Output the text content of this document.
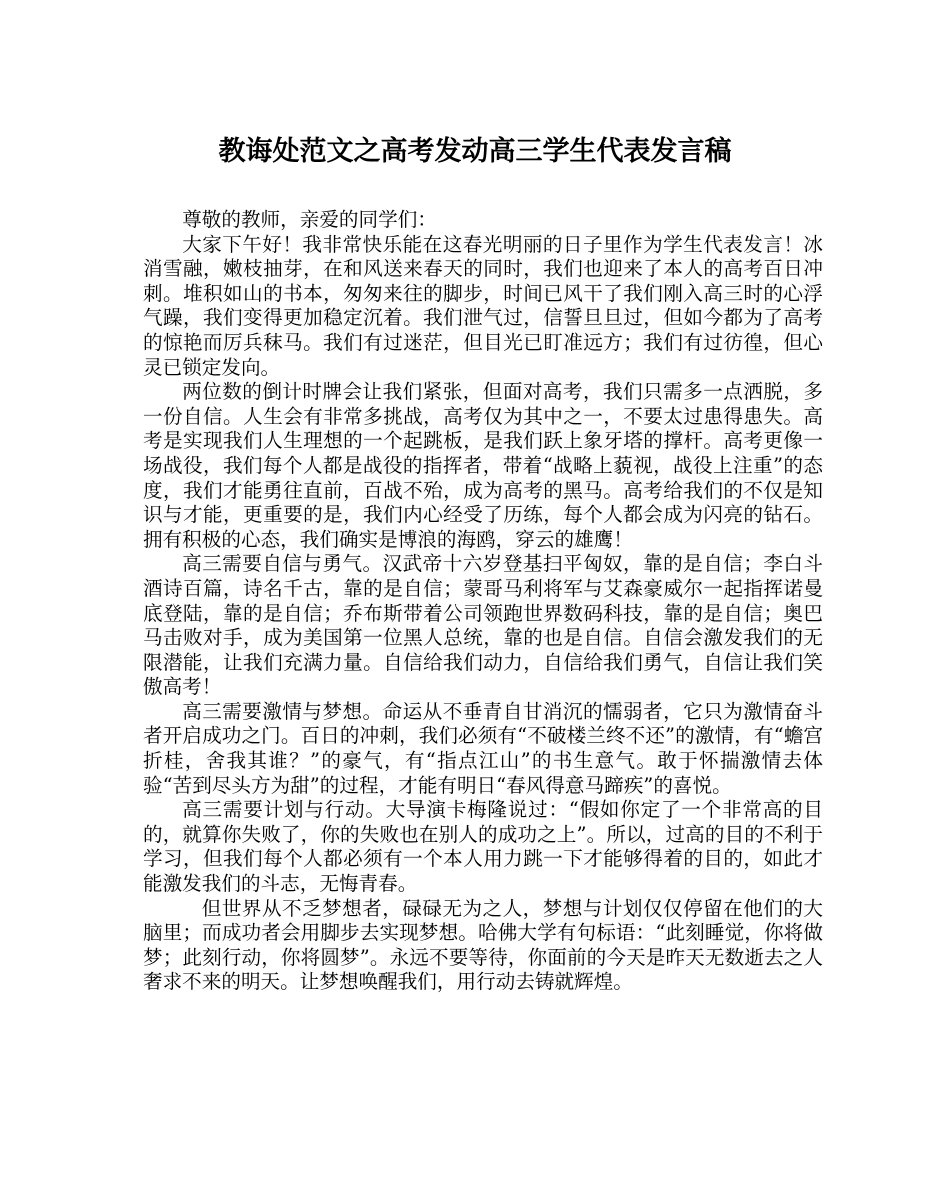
教诲处范文之高考发动高三学生代表发言稿

尊敬的教师，亲爱的同学们：

大家下午好！我非常快乐能在这春光明丽的日子里作为学生代表发言！冰消雪融，嫩枝抽芽，在和风送来春天的同时，我们也迎来了本人的高考百日冲刺。堆积如山的书本，匆匆来往的脚步，时间已风干了我们刚入高三时的心浮气躁，我们变得更加稳定沉着。我们泄气过，信誓旦旦过，但如今都为了高考的惊艳而厉兵秣马。我们有过迷茫，但目光已盯准远方；我们有过彷徨，但心灵已锁定发向。

两位数的倒计时牌会让我们紧张，但面对高考，我们只需多一点洒脱，多一份自信。人生会有非常多挑战，高考仅为其中之一，不要太过患得患失。高考是实现我们人生理想的一个起跳板，是我们跃上象牙塔的撑杆。高考更像一场战役，我们每个人都是战役的指挥者，带着“战略上藐视，战役上注重”的态度，我们才能勇往直前，百战不殆，成为高考的黑马。高考给我们的不仅是知识与才能，更重要的是，我们内心经受了历练，每个人都会成为闪亮的钻石。拥有积极的心态，我们确实是博浪的海鸥，穿云的雄鹰！

高三需要自信与勇气。汉武帝十六岁登基扫平匈奴，靠的是自信；李白斗酒诗百篇，诗名千古，靠的是自信；蒙哥马利将军与艾森豪威尔一起指挥诺曼底登陆，靠的是自信；乔布斯带着公司领跑世界数码科技，靠的是自信；奥巴马击败对手，成为美国第一位黑人总统，靠的也是自信。自信会激发我们的无限潜能，让我们充满力量。自信给我们动力，自信给我们勇气，自信让我们笑傲高考！

高三需要激情与梦想。命运从不垂青自甘消沉的懦弱者，它只为激情奋斗者开启成功之门。百日的冲刺，我们必须有“不破楼兰终不还”的激情，有“蟾宫折桂，舍我其谁？”的豪气，有“指点江山”的书生意气。敢于怀揣激情去体验“苦到尽头方为甜”的过程，才能有明日“春风得意马蹄疾”的喜悦。

高三需要计划与行动。大导演卡梅隆说过：“假如你定了一个非常高的目的，就算你失败了，你的失败也在别人的成功之上”。所以，过高的目的不利于学习，但我们每个人都必须有一个本人用力跳一下才能够得着的目的，如此才能激发我们的斗志，无悔青春。

但世界从不乏梦想者，碌碌无为之人，梦想与计划仅仅停留在他们的大脑里；而成功者会用脚步去实现梦想。哈佛大学有句标语：“此刻睡觉，你将做梦；此刻行动，你将圆梦”。永远不要等待，你面前的今天是昨天无数逝去之人奢求不来的明天。让梦想唤醒我们，用行动去铸就辉煌。
